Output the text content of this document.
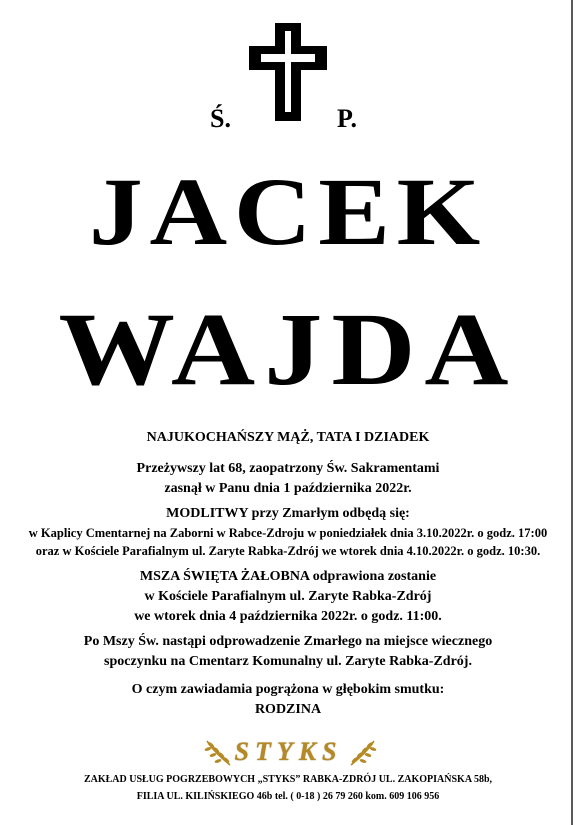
Ś.	P.
JACEK
WAJDA
NAJUKOCHAŃSZY MĄŻ, TATA I DZIADEK
Przeżywszy lat 68, zaopatrzony Św. Sakramentami
zasnął w Panu dnia 1 października 2022r.
MODLITWY przy Zmarłym odbędą się:
w Kaplicy Cmentarnej na Zaborni w Rabce-Zdroju w poniedziałek dnia 3.10.2022r. o godz. 17:00
oraz w Kościele Parafialnym ul. Zaryte Rabka-Zdrój we wtorek dnia 4.10.2022r. o godz. 10:30.
MSZA ŚWIĘTA ŻAŁOBNA odprawiona zostanie
w Kościele Parafialnym ul. Zaryte Rabka-Zdrój
we wtorek dnia 4 października 2022r. o godz. 11:00.
Po Mszy Św. nastąpi odprowadzenie Zmarłego na miejsce wiecznego
spoczynku na Cmentarz Komunalny ul. Zaryte Rabka-Zdrój.
O czym zawiadamia pogrążona w głębokim smutku:
RODZINA
STYKS
ZAKŁAD USŁUG POGRZEBOWYCH „STYKS” RABKA-ZDRÓJ UL. ZAKOPIAŃSKA 58b,
FILIA UL. KILIŃSKIEGO 46b tel. ( 0-18 ) 26 79 260 kom. 609 106 956
